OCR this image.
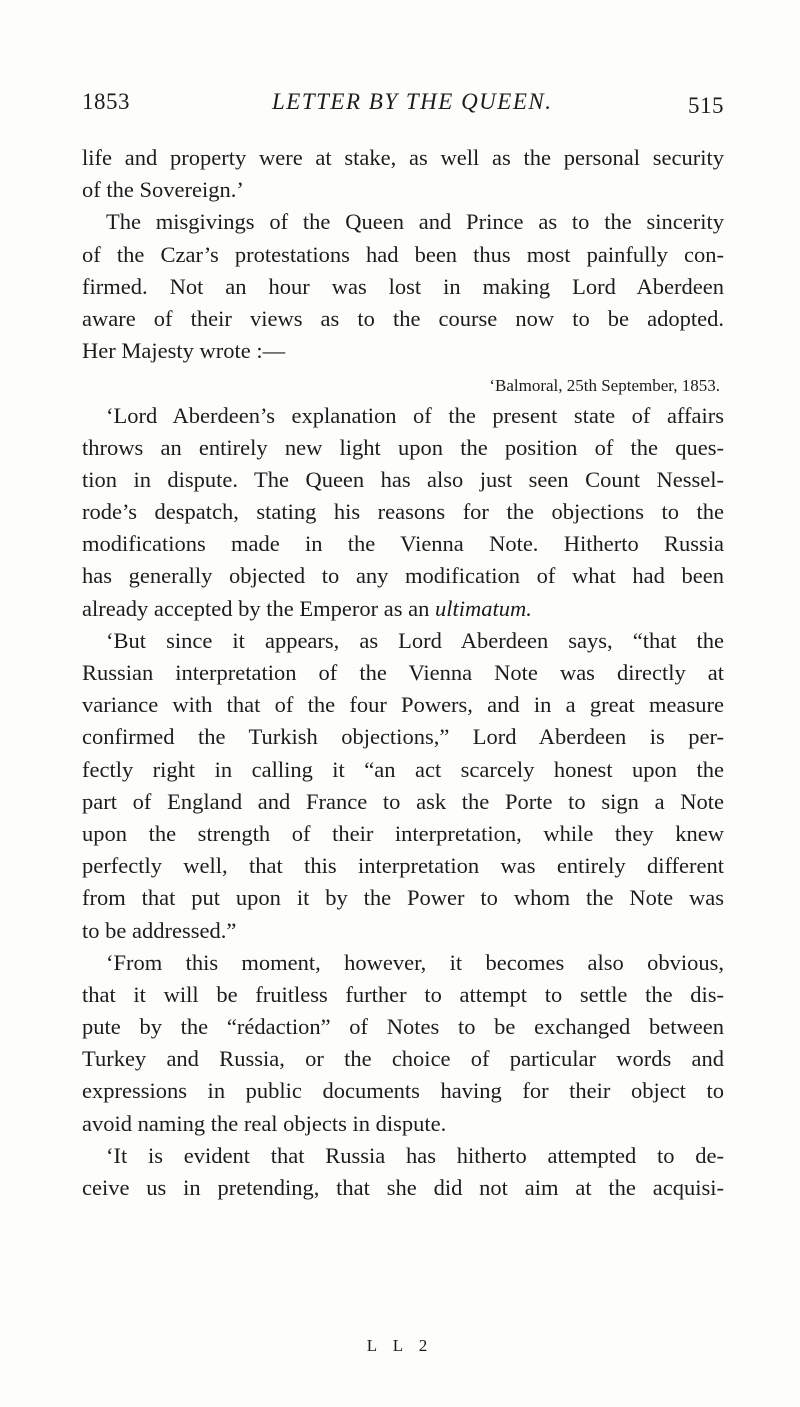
1853	LETTER BY THE QUEEN.	515
life and property were at stake, as well as the personal security
of the Sovereign.’
The misgivings of the Queen and Prince as to the sincerity
of the Czar’s protestations had been thus most painfully con-
firmed. Not an hour was lost in making Lord Aberdeen
aware of their views as to the course now to be adopted.
Her Majesty wrote :—
‘Balmoral, 25th September, 1853.
‘Lord Aberdeen’s explanation of the present state of affairs
throws an entirely new light upon the position of the ques-
tion in dispute. The Queen has also just seen Count Nessel-
rode’s despatch, stating his reasons for the objections to the
modifications made in the Vienna Note. Hitherto Russia
has generally objected to any modification of what had been
already accepted by the Emperor as an ultimatum.
‘But since it appears, as Lord Aberdeen says, “that the
Russian interpretation of the Vienna Note was directly at
variance with that of the four Powers, and in a great measure
confirmed the Turkish objections,” Lord Aberdeen is per-
fectly right in calling it “an act scarcely honest upon the
part of England and France to ask the Porte to sign a Note
upon the strength of their interpretation, while they knew
perfectly well, that this interpretation was entirely different
from that put upon it by the Power to whom the Note was
to be addressed.”
‘From this moment, however, it becomes also obvious,
that it will be fruitless further to attempt to settle the dis-
pute by the “rédaction” of Notes to be exchanged between
Turkey and Russia, or the choice of particular words and
expressions in public documents having for their object to
avoid naming the real objects in dispute.
‘It is evident that Russia has hitherto attempted to de-
ceive us in pretending, that she did not aim at the acquisi-
L L 2
